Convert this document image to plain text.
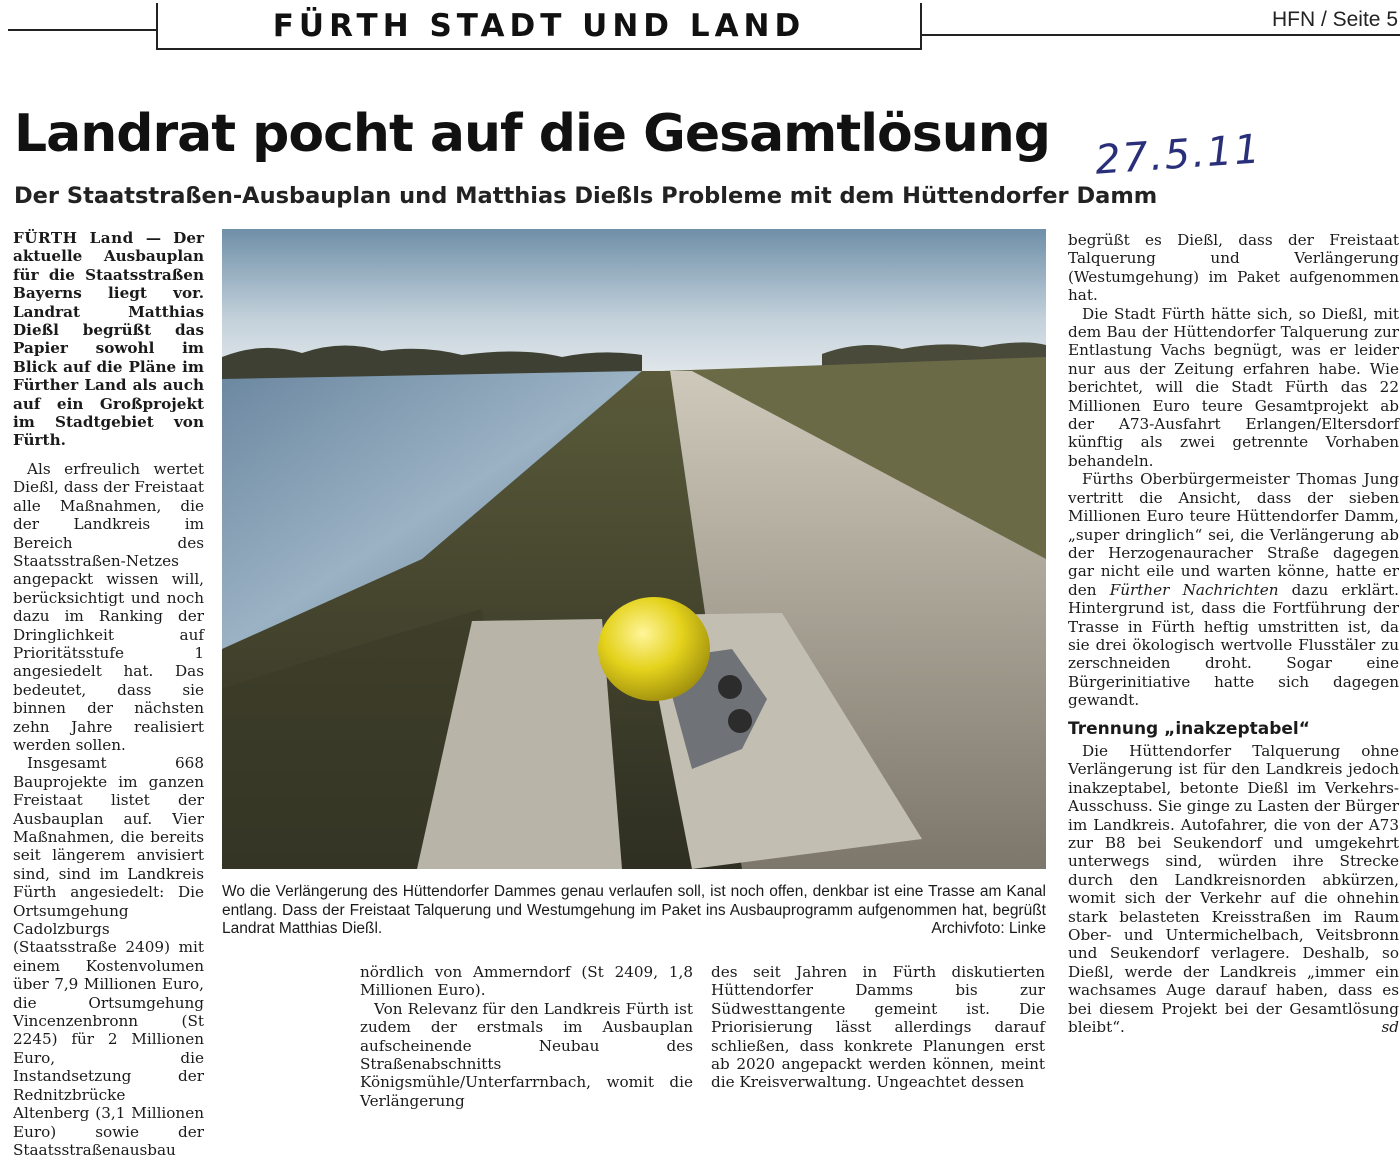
FÜRTH STADT UND LAND	HFN / Seite 5
Landrat pocht auf die Gesamtlösung 27.5.11
Der Staatstraßen-Ausbauplan und Matthias Dießls Probleme mit dem Hüttendorfer Damm

FÜRTH Land — Der aktuelle Ausbauplan für die Staatsstraßen Bayerns liegt vor. Landrat Matthias Dießl begrüßt das Papier sowohl im Blick auf die Pläne im Fürther Land als auch auf ein Großprojekt im Stadtgebiet von Fürth.

Als erfreulich wertet Dießl, dass der Freistaat alle Maßnahmen, die der Landkreis im Bereich des Staatsstraßen-Netzes angepackt wissen will, berücksichtigt und noch dazu im Ranking der Dringlichkeit auf Prioritätsstufe 1 angesiedelt hat. Das bedeutet, dass sie binnen der nächsten zehn Jahre realisiert werden sollen.

Insgesamt 668 Bauprojekte im ganzen Freistaat listet der Ausbauplan auf. Vier Maßnahmen, die bereits seit längerem anvisiert sind, sind im Landkreis Fürth angesiedelt: Die Ortsumgehung Cadolzburgs (Staatsstraße 2409) mit einem Kostenvolumen über 7,9 Millionen Euro, die Ortsumgehung Vincenzenbronn (St 2245) für 2 Millionen Euro, die Instandsetzung der Rednitzbrücke Altenberg (3,1 Millionen Euro) sowie der Staatsstraßenausbau

Wo die Verlängerung des Hüttendorfer Dammes genau verlaufen soll, ist noch offen, denkbar ist eine Trasse am Kanal entlang. Dass der Freistaat Talquerung und Westumgehung im Paket ins Ausbauprogramm aufgenommen hat, begrüßt Landrat Matthias Dießl.	Archivfoto: Linke

nördlich von Ammerndorf (St 2409, 1,8 Millionen Euro).

Von Relevanz für den Landkreis Fürth ist zudem der erstmals im Ausbauplan aufscheinende Neubau des Straßenabschnitts Königsmühle/Unterfarrnbach, womit die Verlängerung

des seit Jahren in Fürth diskutierten Hüttendorfer Damms bis zur Südwesttangente gemeint ist. Die Priorisierung lässt allerdings darauf schließen, dass konkrete Planungen erst ab 2020 angepackt werden können, meint die Kreisverwaltung. Ungeachtet dessen

begrüßt es Dießl, dass der Freistaat Talquerung und Verlängerung (Westumgehung) im Paket aufgenommen hat.

Die Stadt Fürth hätte sich, so Dießl, mit dem Bau der Hüttendorfer Talquerung zur Entlastung Vachs begnügt, was er leider nur aus der Zeitung erfahren habe. Wie berichtet, will die Stadt Fürth das 22 Millionen Euro teure Gesamtprojekt ab der A73-Ausfahrt Erlangen/Eltersdorf künftig als zwei getrennte Vorhaben behandeln.

Fürths Oberbürgermeister Thomas Jung vertritt die Ansicht, dass der sieben Millionen Euro teure Hüttendorfer Damm, „super dringlich“ sei, die Verlängerung ab der Herzogenauracher Straße dagegen gar nicht eile und warten könne, hatte er den Fürther Nachrichten dazu erklärt. Hintergrund ist, dass die Fortführung der Trasse in Fürth heftig umstritten ist, da sie drei ökologisch wertvolle Flusstäler zu zerschneiden droht. Sogar eine Bürgerinitiative hatte sich dagegen gewandt.

Trennung „inakzeptabel“

Die Hüttendorfer Talquerung ohne Verlängerung ist für den Landkreis jedoch inakzeptabel, betonte Dießl im Verkehrs-Ausschuss. Sie ginge zu Lasten der Bürger im Landkreis. Autofahrer, die von der A73 zur B8 bei Seukendorf und umgekehrt unterwegs sind, würden ihre Strecke durch den Landkreisnorden abkürzen, womit sich der Verkehr auf die ohnehin stark belasteten Kreisstraßen im Raum Ober- und Untermichelbach, Veitsbronn und Seukendorf verlagere. Deshalb, so Dießl, werde der Landkreis „immer ein wachsames Auge darauf haben, dass es bei diesem Projekt bei der Gesamtlösung bleibt“.	sd
